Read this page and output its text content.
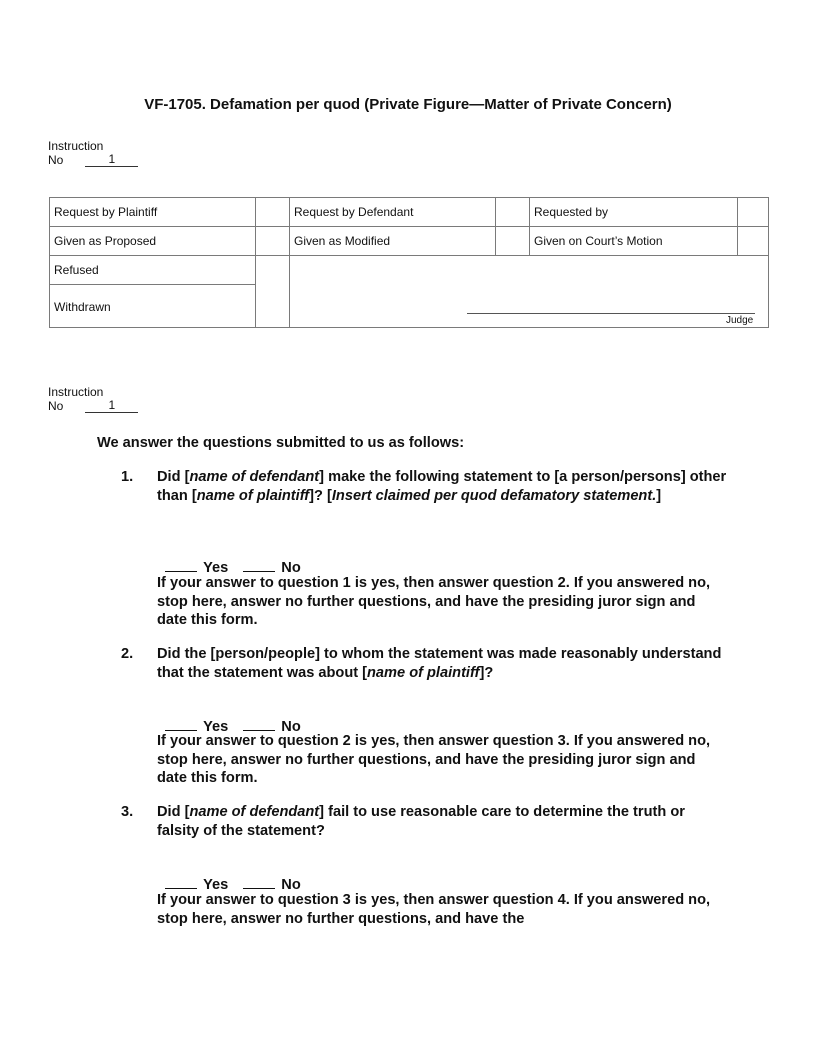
VF-1705. Defamation per quod (Private Figure—Matter of Private Concern)
Instruction
No	1
Request by Plaintiff	Request by Defendant	Requested by
Given as Proposed	Given as Modified	Given on Court’s Motion
Refused
Withdrawn
Judge
Instruction
No	1
We answer the questions submitted to us as follows:
1. Did [name of defendant] make the following statement to [a person/persons] other than [name of plaintiff]? [Insert claimed per quod defamatory statement.]

Yes	No

If your answer to question 1 is yes, then answer question 2. If you answered no, stop here, answer no further questions, and have the presiding juror sign and date this form.
2. Did the [person/people] to whom the statement was made reasonably understand that the statement was about [name of plaintiff]?

Yes	No

If your answer to question 2 is yes, then answer question 3. If you answered no, stop here, answer no further questions, and have the presiding juror sign and date this form.
3. Did [name of defendant] fail to use reasonable care to determine the truth or falsity of the statement?

Yes	No

If your answer to question 3 is yes, then answer question 4. If you answered no, stop here, answer no further questions, and have the
